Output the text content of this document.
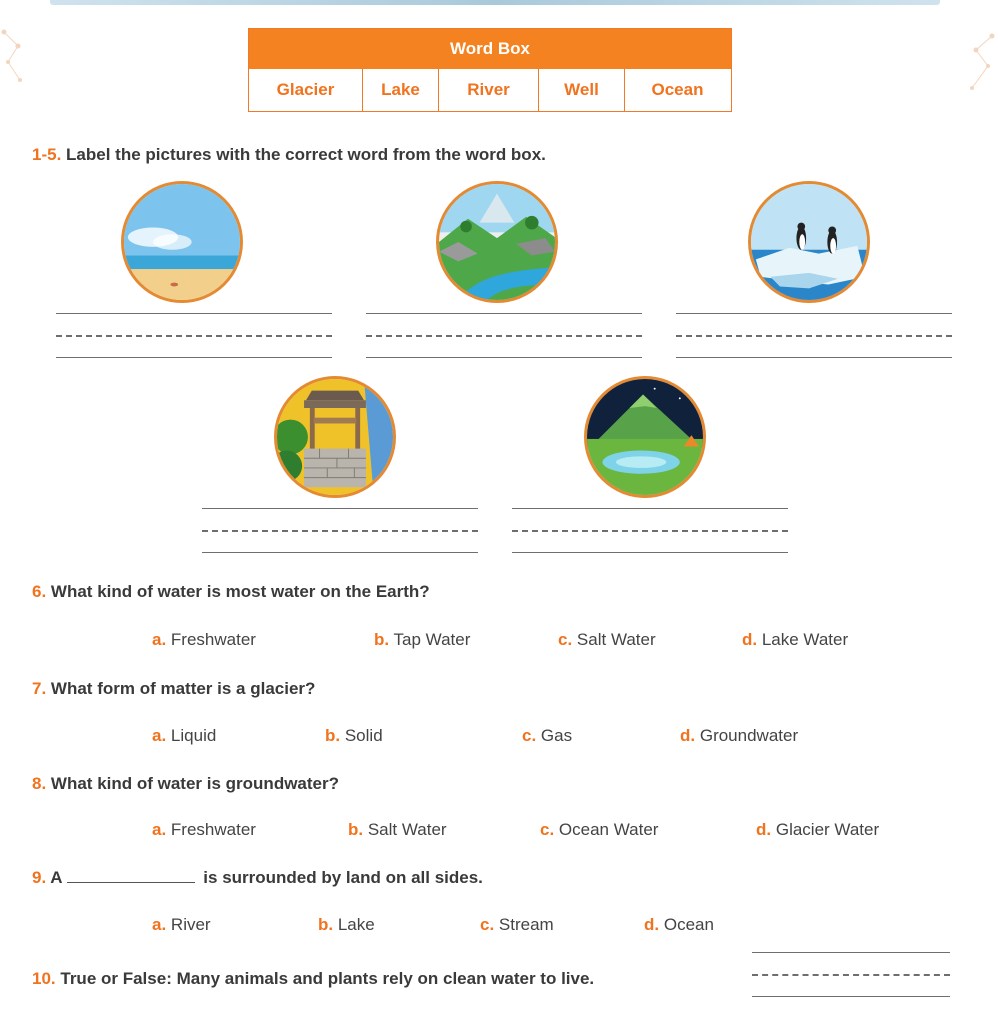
Word Box
Glacier	Lake	River	Well	Ocean
1-5. Label the pictures with the correct word from the word box.
6. What kind of water is most water on the Earth?
a. Freshwater	b. Tap Water	c. Salt Water	d. Lake Water
7. What form of matter is a glacier?
a. Liquid	b. Solid	c. Gas	d. Groundwater
8. What kind of water is groundwater?
a. Freshwater	b. Salt Water	c. Ocean Water	d. Glacier Water
9. A	is surrounded by land on all sides.
a. River	b. Lake	c. Stream	d. Ocean
10. True or False: Many animals and plants rely on clean water to live.
